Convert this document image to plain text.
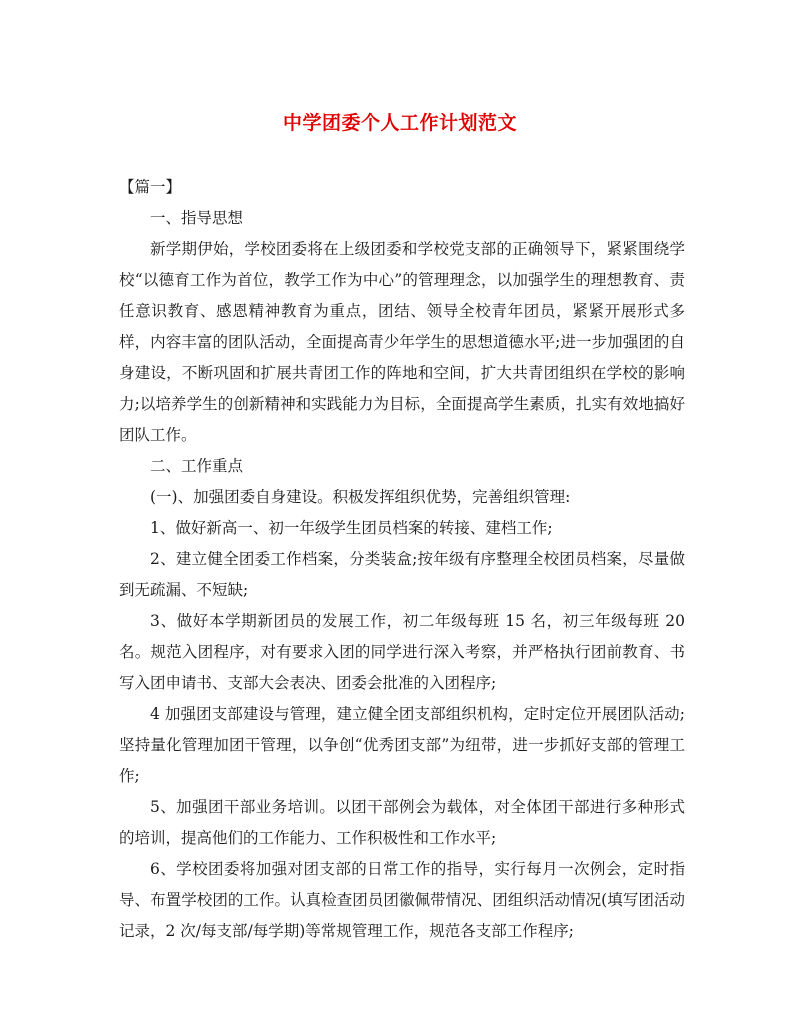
中学团委个人工作计划范文

【篇一】

一、指导思想

新学期伊始，学校团委将在上级团委和学校党支部的正确领导下，紧紧围绕学校“以德育工作为首位，教学工作为中心”的管理理念，以加强学生的理想教育、责任意识教育、感恩精神教育为重点，团结、领导全校青年团员，紧紧开展形式多样，内容丰富的团队活动，全面提高青少年学生的思想道德水平;进一步加强团的自身建设，不断巩固和扩展共青团工作的阵地和空间，扩大共青团组织在学校的影响力;以培养学生的创新精神和实践能力为目标，全面提高学生素质，扎实有效地搞好团队工作。

二、工作重点

(一)、加强团委自身建设。积极发挥组织优势，完善组织管理:

1、做好新高一、初一年级学生团员档案的转接、建档工作;

2、建立健全团委工作档案，分类装盒;按年级有序整理全校团员档案，尽量做到无疏漏、不短缺;

3、做好本学期新团员的发展工作，初二年级每班 15 名，初三年级每班 20 名。规范入团程序，对有要求入团的同学进行深入考察，并严格执行团前教育、书写入团申请书、支部大会表决、团委会批准的入团程序;

4 加强团支部建设与管理，建立健全团支部组织机构，定时定位开展团队活动;坚持量化管理加团干管理，以争创“优秀团支部”为纽带，进一步抓好支部的管理工作;

5、加强团干部业务培训。以团干部例会为载体，对全体团干部进行多种形式的培训，提高他们的工作能力、工作积极性和工作水平;

6、学校团委将加强对团支部的日常工作的指导，实行每月一次例会，定时指导、布置学校团的工作。认真检查团员团徽佩带情况、团组织活动情况(填写团活动记录，2 次/每支部/每学期)等常规管理工作，规范各支部工作程序;
